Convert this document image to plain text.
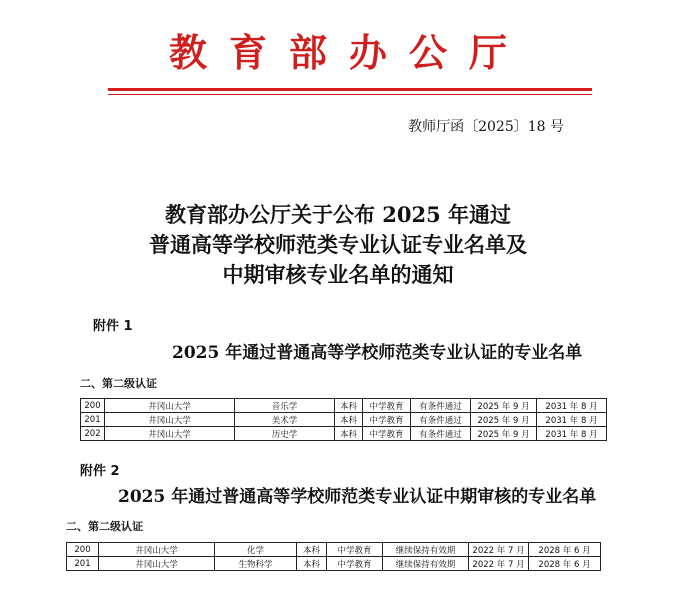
教育部办公厅
教师厅函〔2025〕18 号
教育部办公厅关于公布 2025 年通过
普通高等学校师范类专业认证专业名单及
中期审核专业名单的通知
附件 1
2025 年通过普通高等学校师范类专业认证的专业名单
二、第二级认证
200	井冈山大学	音乐学	本科	中学教育	有条件通过	2025 年 9 月	2031 年 8 月
201	井冈山大学	美术学	本科	中学教育	有条件通过	2025 年 9 月	2031 年 8 月
202	井冈山大学	历史学	本科	中学教育	有条件通过	2025 年 9 月	2031 年 8 月
附件 2
2025 年通过普通高等学校师范类专业认证中期审核的专业名单
二、第二级认证
200	井冈山大学	化学	本科	中学教育	继续保持有效期	2022 年 7 月	2028 年 6 月
201	井冈山大学	生物科学	本科	中学教育	继续保持有效期	2022 年 7 月	2028 年 6 月
